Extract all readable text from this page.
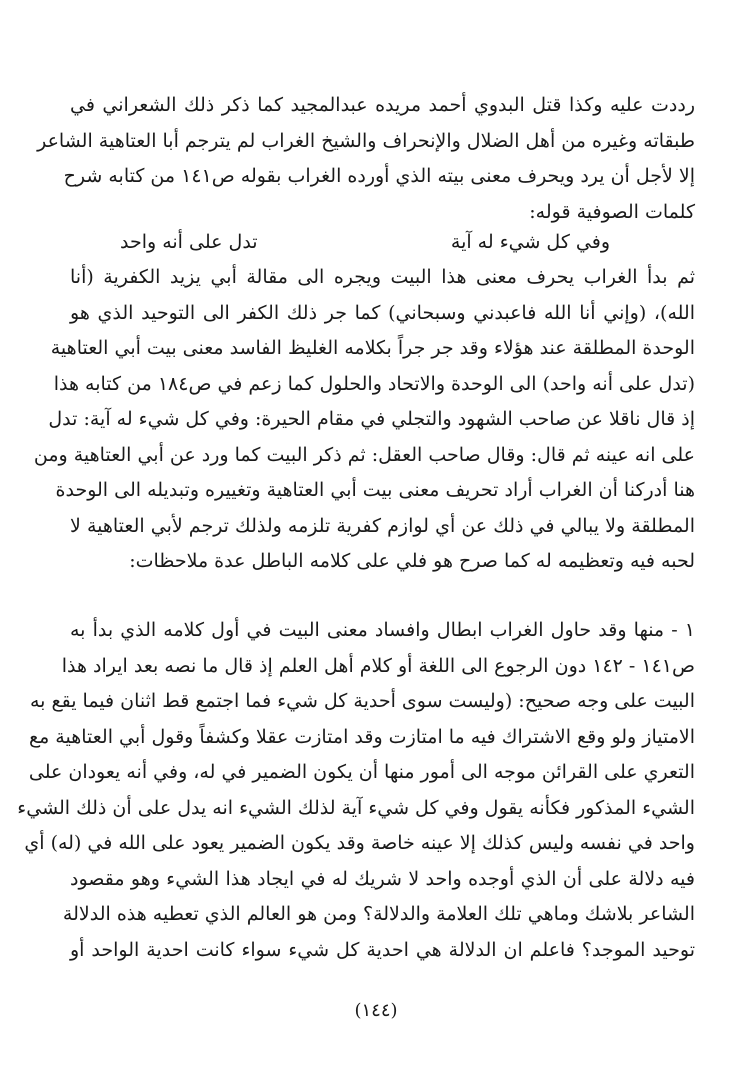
رددت عليه وكذا قتل البدوي أحمد مريده عبدالمجيد كما ذكر ذلك الشعراني في
طبقاته وغيره من أهل الضلال والإنحراف والشيخ الغراب لم يترجم أبا العتاهية الشاعر
إلا لأجل أن يرد ويحرف معنى بيته الذي أورده الغراب بقوله ص١٤١ من كتابه شرح
كلمات الصوفية قوله:
وفي كل شيء له آية
تدل على أنه واحد
ثم بدأ الغراب يحرف معنى هذا البيت ويجره الى مقالة أبي يزيد الكفرية (أنا
الله)، (وإني أنا الله فاعبدني وسبحاني) كما جر ذلك الكفر الى التوحيد الذي هو
الوحدة المطلقة عند هؤلاء وقد جر جراً بكلامه الغليظ الفاسد معنى بيت أبي العتاهية
(تدل على أنه واحد) الى الوحدة والاتحاد والحلول كما زعم في ص١٨٤ من كتابه هذا
إذ قال ناقلا عن صاحب الشهود والتجلي في مقام الحيرة: وفي كل شيء له آية: تدل
على انه عينه ثم قال: وقال صاحب العقل: ثم ذكر البيت كما ورد عن أبي العتاهية ومن
هنا أدركنا أن الغراب أراد تحريف معنى بيت أبي العتاهية وتغييره وتبديله الى الوحدة
المطلقة ولا يبالي في ذلك عن أي لوازم كفرية تلزمه ولذلك ترجم لأبي العتاهية لا
لحبه فيه وتعظيمه له كما صرح هو فلي على كلامه الباطل عدة ملاحظات:
١ - منها وقد حاول الغراب ابطال وافساد معنى البيت في أول كلامه الذي بدأ به
ص١٤١ - ١٤٢ دون الرجوع الى اللغة أو كلام أهل العلم إذ قال ما نصه بعد ايراد هذا
البيت على وجه صحيح: (وليست سوى أحدية كل شيء فما اجتمع قط اثنان فيما يقع به
الامتياز ولو وقع الاشتراك فيه ما امتازت وقد امتازت عقلا وكشفاً وقول أبي العتاهية مع
التعري على القرائن موجه الى أمور منها أن يكون الضمير في له، وفي أنه يعودان على
الشيء المذكور فكأنه يقول وفي كل شيء آية لذلك الشيء انه يدل على أن ذلك الشيء
واحد في نفسه وليس كذلك إلا عينه خاصة وقد يكون الضمير يعود على الله في (له) أي
فيه دلالة على أن الذي أوجده واحد لا شريك له في ايجاد هذا الشيء وهو مقصود
الشاعر بلاشك وماهي تلك العلامة والدلالة؟ ومن هو العالم الذي تعطيه هذه الدلالة
توحيد الموجد؟ فاعلم ان الدلالة هي احدية كل شيء سواء كانت احدية الواحد أو
(١٤٤)
